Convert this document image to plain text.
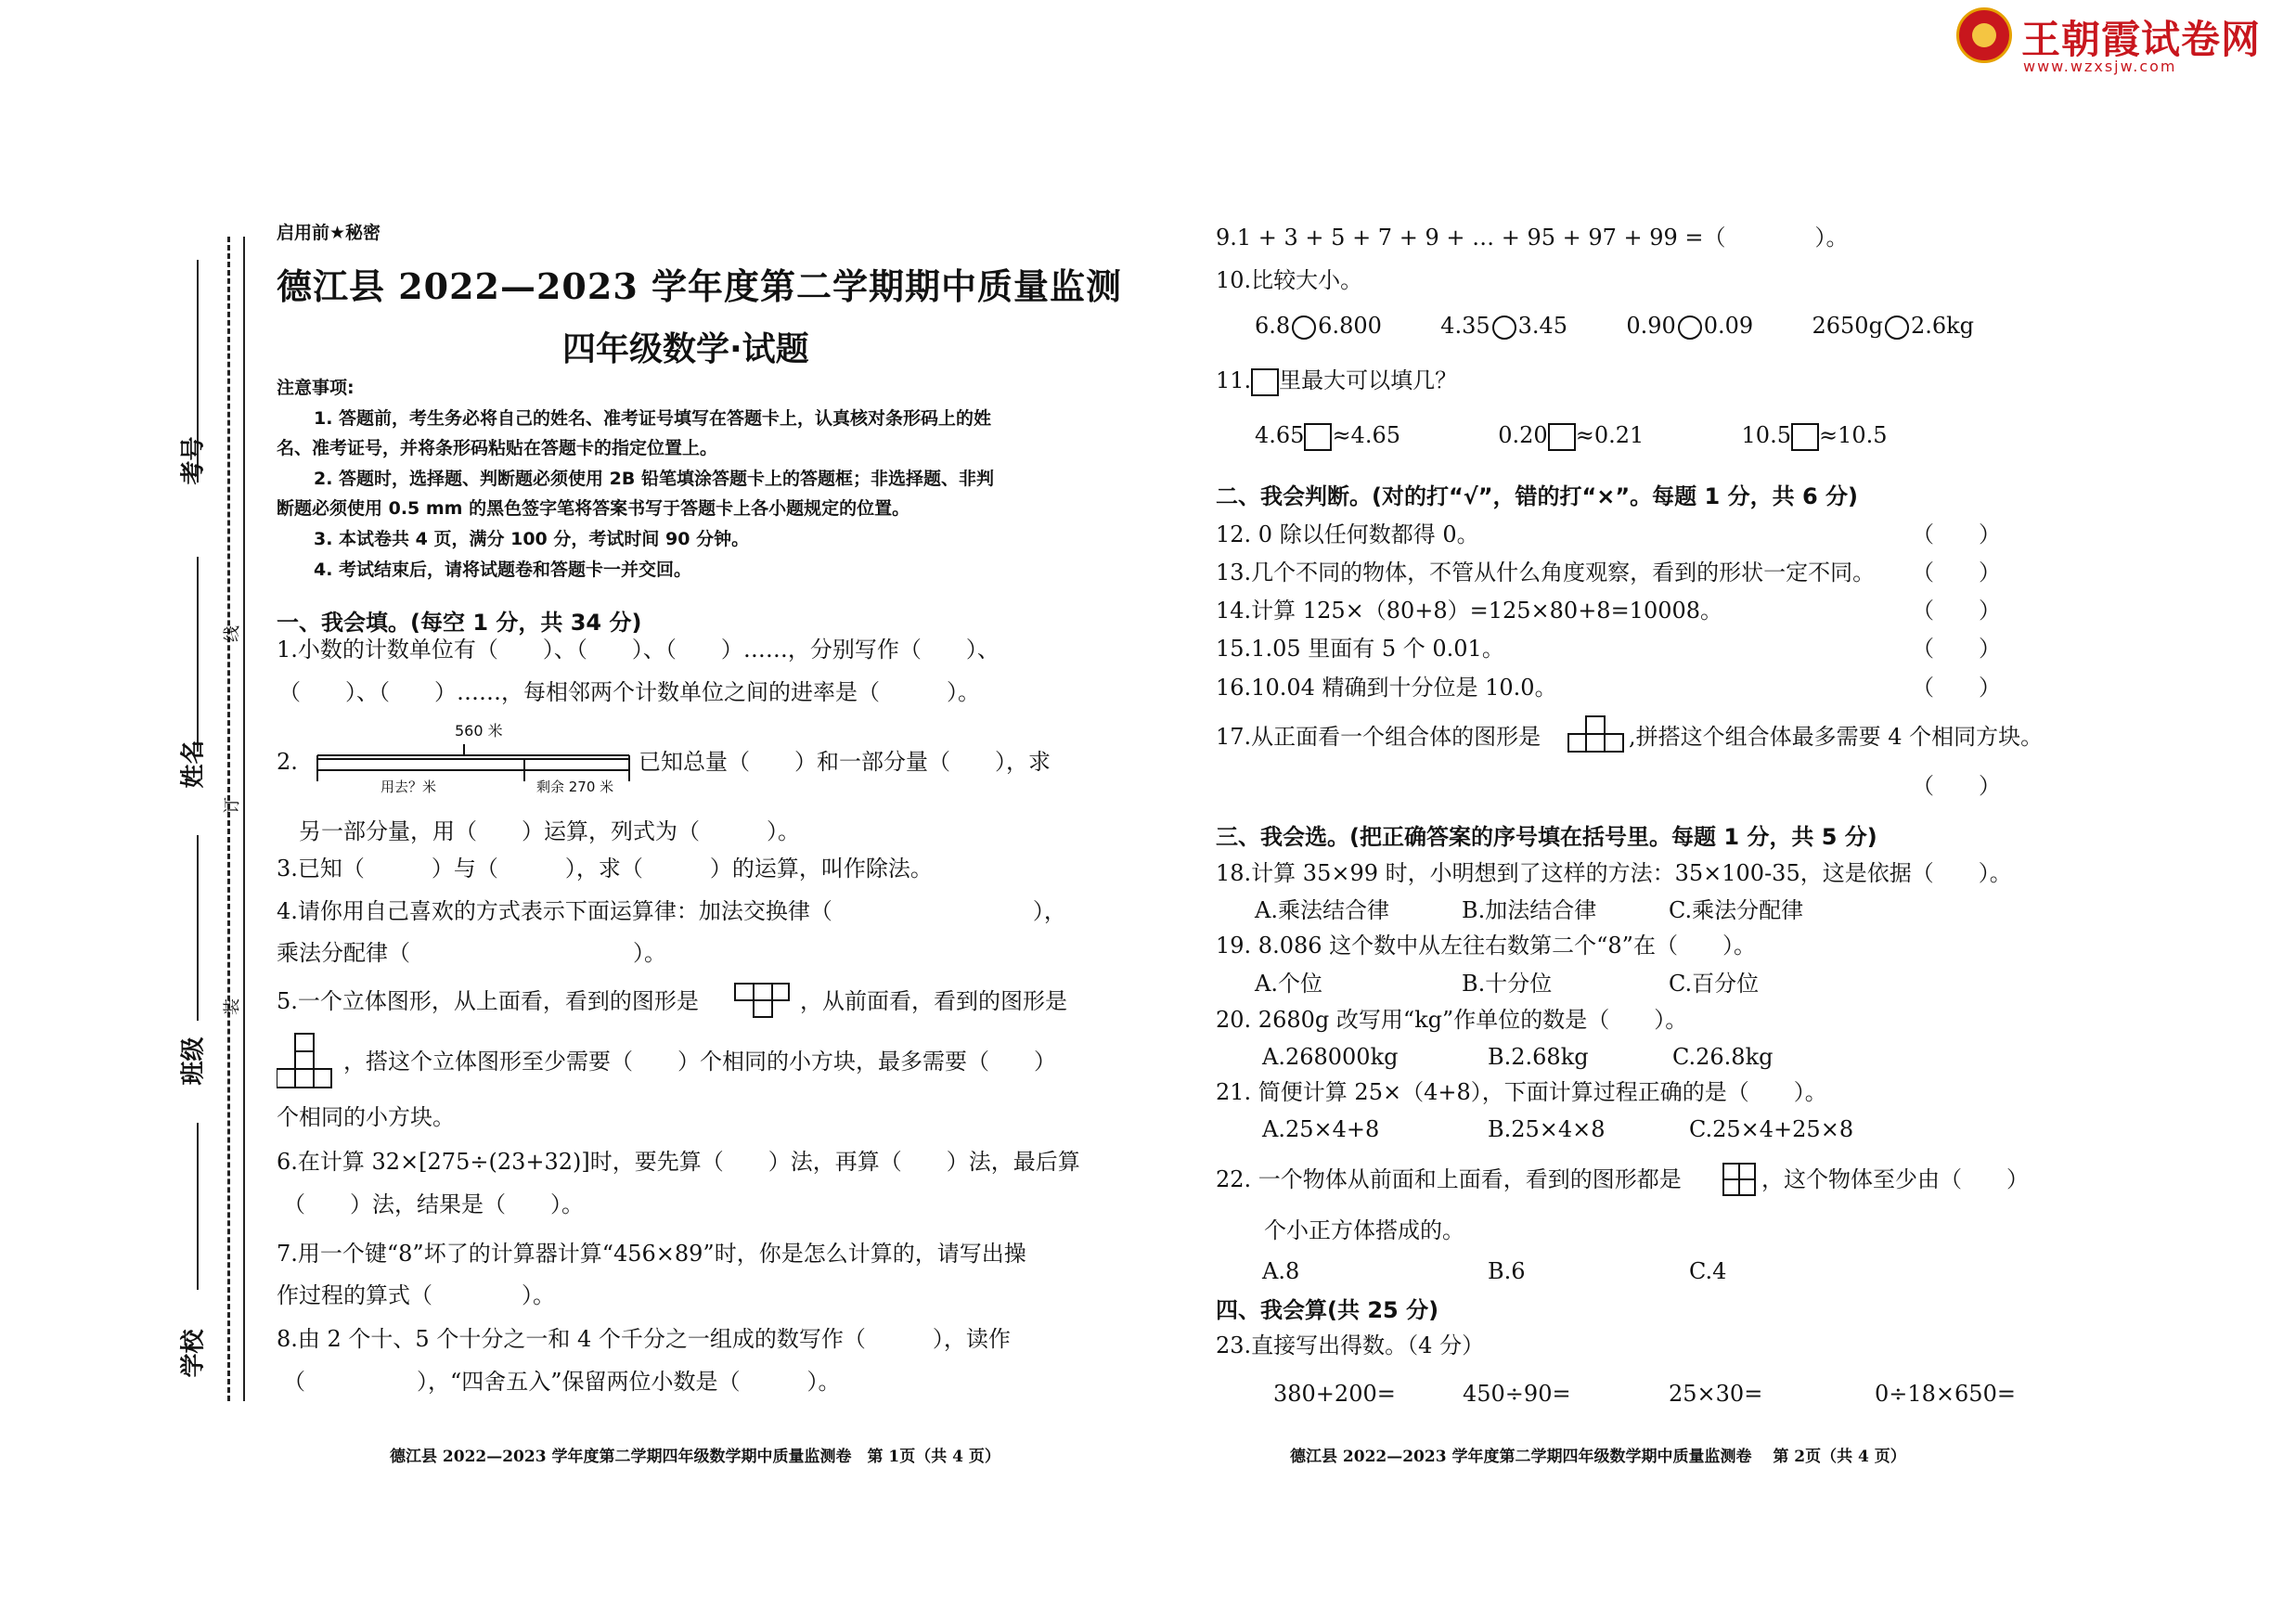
王朝霞试卷网
www.wzxsjw.com
考号
姓名
班级
学校
线
订
装
启用前★秘密
德江县 2022—2023 学年度第二学期期中质量监测
四年级数学·试题
注意事项:
1. 答题前，考生务必将自己的姓名、准考证号填写在答题卡上，认真核对条形码上的姓
名、准考证号，并将条形码粘贴在答题卡的指定位置上。
2. 答题时，选择题、判断题必须使用 2B 铅笔填涂答题卡上的答题框；非选择题、非判
断题必须使用 0.5 mm 的黑色签字笔将答案书写于答题卡上各小题规定的位置。
3. 本试卷共 4 页，满分 100 分，考试时间 90 分钟。
4. 考试结束后，请将试题卷和答题卡一并交回。
一、我会填。(每空 1 分，共 34 分)
1.小数的计数单位有（　　）、（　　）、（　　）……，分别写作（　　）、
（　　）、（　　）……，每相邻两个计数单位之间的进率是（　　　）。
2.
560 米
用去？米	剩余 270 米
已知总量（　　）和一部分量（　　），求
另一部分量，用（　　）运算，列式为（　　　）。
3.已知（　　　）与（　　　），求（　　　）的运算，叫作除法。
4.请你用自己喜欢的方式表示下面运算律：加法交换律（　　　　　　　　　），
乘法分配律（　　　　　　　　　　）。
5.一个立体图形，从上面看，看到的图形是	，从前面看，看到的图形是
，搭这个立体图形至少需要（　　）个相同的小方块，最多需要（　　）
个相同的小方块。
6.在计算 32×[275÷(23+32)]时，要先算（　　）法，再算（　　）法，最后算
（　　）法，结果是（　　）。
7.用一个键“8”坏了的计算器计算“456×89”时，你是怎么计算的，请写出操
作过程的算式（　　　　）。
8.由 2 个十、5 个十分之一和 4 个千分之一组成的数写作（　　　），读作
（　　　　　），“四舍五入”保留两位小数是（　　　）。
德江县 2022—2023 学年度第二学期四年级数学期中质量监测卷　第 1页（共 4 页）
9.1 + 3 + 5 + 7 + 9 + … + 95 + 97 + 99 =（　　　　）。
10.比较大小。
6.8 6.800	4.35 3.45	0.90 0.09	2650g 2.6kg
11. 里最大可以填几？
4.65 ≈4.65	0.20 ≈0.21	10.5 ≈10.5
二、我会判断。(对的打“√”，错的打“×”。每题 1 分，共 6 分)
12. 0 除以任何数都得 0。	（　　）
13.几个不同的物体，不管从什么角度观察，看到的形状一定不同。 （　　）
14.计算 125×（80+8）=125×80+8=10008。	（　　）
15.1.05 里面有 5 个 0.01。	（　　）
16.10.04 精确到十分位是 10.0。	（　　）
17.从正面看一个组合体的图形是	,拼搭这个组合体最多需要 4 个相同方块。
（　　）
三、我会选。(把正确答案的序号填在括号里。每题 1 分，共 5 分)
18.计算 35×99 时，小明想到了这样的方法：35×100-35，这是依据（　　）。
A.乘法结合律	B.加法结合律	C.乘法分配律
19. 8.086 这个数中从左往右数第二个“8”在（　　）。
A.个位	B.十分位	C.百分位
20. 2680g 改写用“kg”作单位的数是（　　）。
A.268000kg	B.2.68kg	C.26.8kg
21. 简便计算 25×（4+8），下面计算过程正确的是（　　）。
A.25×4+8	B.25×4×8	C.25×4+25×8
22. 一个物体从前面和上面看，看到的图形都是	，这个物体至少由（　　）
个小正方体搭成的。
A.8	B.6	C.4
四、我会算(共 25 分)
23.直接写出得数。（4 分）
380+200=	450÷90=	25×30=	0÷18×650=
德江县 2022—2023 学年度第二学期四年级数学期中质量监测卷　 第 2页（共 4 页）
